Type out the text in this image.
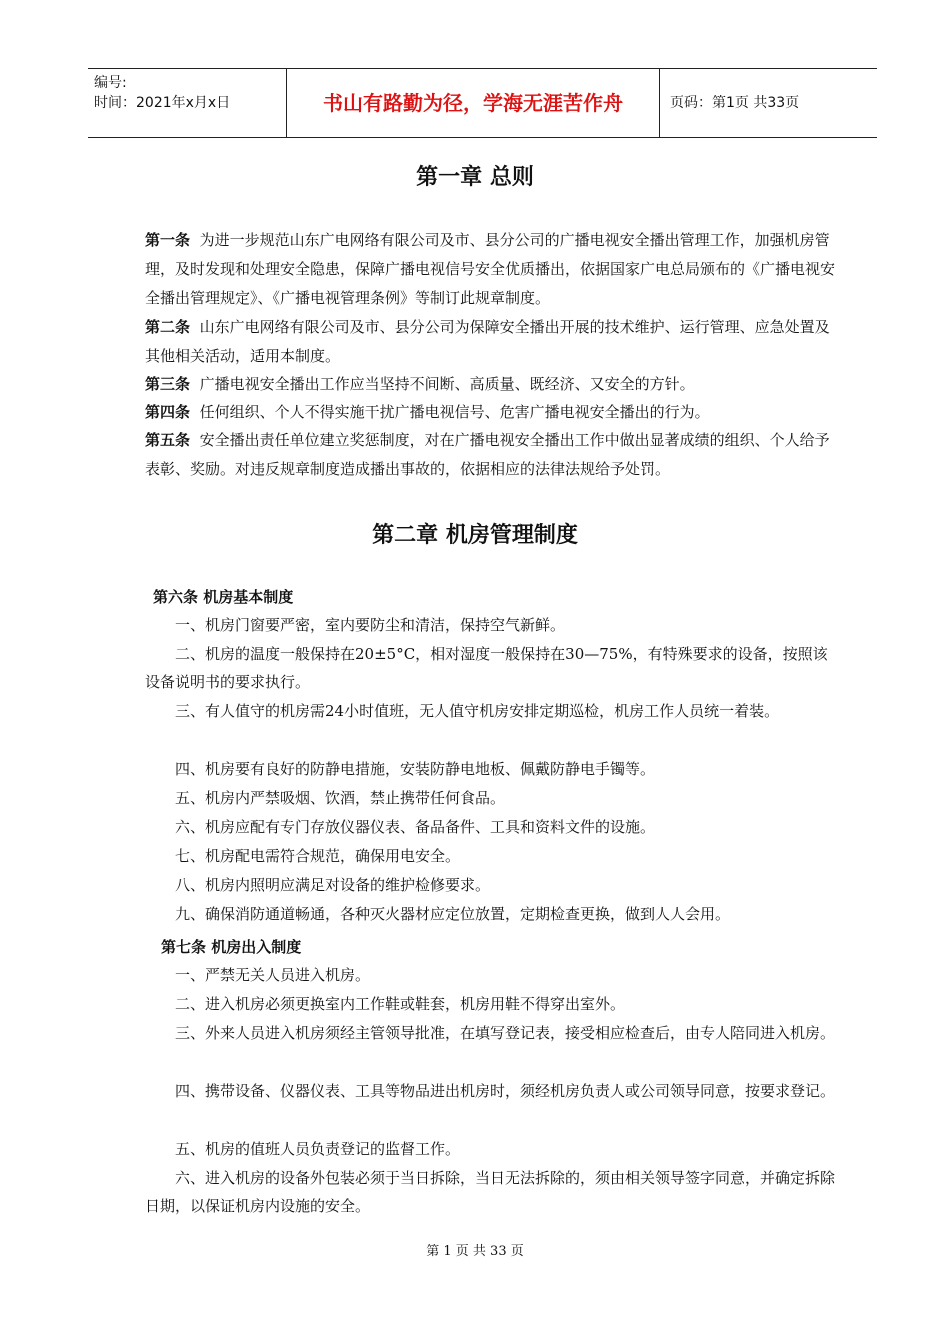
编号:
时间：2021年x月x日	书山有路勤为径，学海无涯苦作舟	页码：第1页 共33页
第一章 总则

第一条 为进一步规范山东广电网络有限公司及市、县分公司的广播电视安全播出管理工作，加强机房管理，及时发现和处理安全隐患，保障广播电视信号安全优质播出，依据国家广电总局颁布的《广播电视安全播出管理规定》、《广播电视管理条例》等制订此规章制度。

第二条 山东广电网络有限公司及市、县分公司为保障安全播出开展的技术维护、运行管理、应急处置及其他相关活动，适用本制度。

第三条 广播电视安全播出工作应当坚持不间断、高质量、既经济、又安全的方针。

第四条 任何组织、个人不得实施干扰广播电视信号、危害广播电视安全播出的行为。

第五条 安全播出责任单位建立奖惩制度，对在广播电视安全播出工作中做出显著成绩的组织、个人给予表彰、奖励。对违反规章制度造成播出事故的，依据相应的法律法规给予处罚。

第二章 机房管理制度
第六条 机房基本制度

一、机房门窗要严密，室内要防尘和清洁，保持空气新鲜。

二、机房的温度一般保持在20±5°C，相对湿度一般保持在30—75%，有特殊要求的设备，按照该设备说明书的要求执行。

三、有人值守的机房需24小时值班，无人值守机房安排定期巡检，机房工作人员统一着装。

四、机房要有良好的防静电措施，安装防静电地板、佩戴防静电手镯等。

五、机房内严禁吸烟、饮酒，禁止携带任何食品。

六、机房应配有专门存放仪器仪表、备品备件、工具和资料文件的设施。

七、机房配电需符合规范，确保用电安全。

八、机房内照明应满足对设备的维护检修要求。

九、确保消防通道畅通，各种灭火器材应定位放置，定期检查更换，做到人人会用。

第七条 机房出入制度

一、严禁无关人员进入机房。

二、进入机房必须更换室内工作鞋或鞋套，机房用鞋不得穿出室外。

三、外来人员进入机房须经主管领导批准，在填写登记表，接受相应检查后，由专人陪同进入机房。

四、携带设备、仪器仪表、工具等物品进出机房时，须经机房负责人或公司领导同意，按要求登记。

五、机房的值班人员负责登记的监督工作。

六、进入机房的设备外包装必须于当日拆除，当日无法拆除的，须由相关领导签字同意，并确定拆除日期，以保证机房内设施的安全。

第 1 页 共 33 页
